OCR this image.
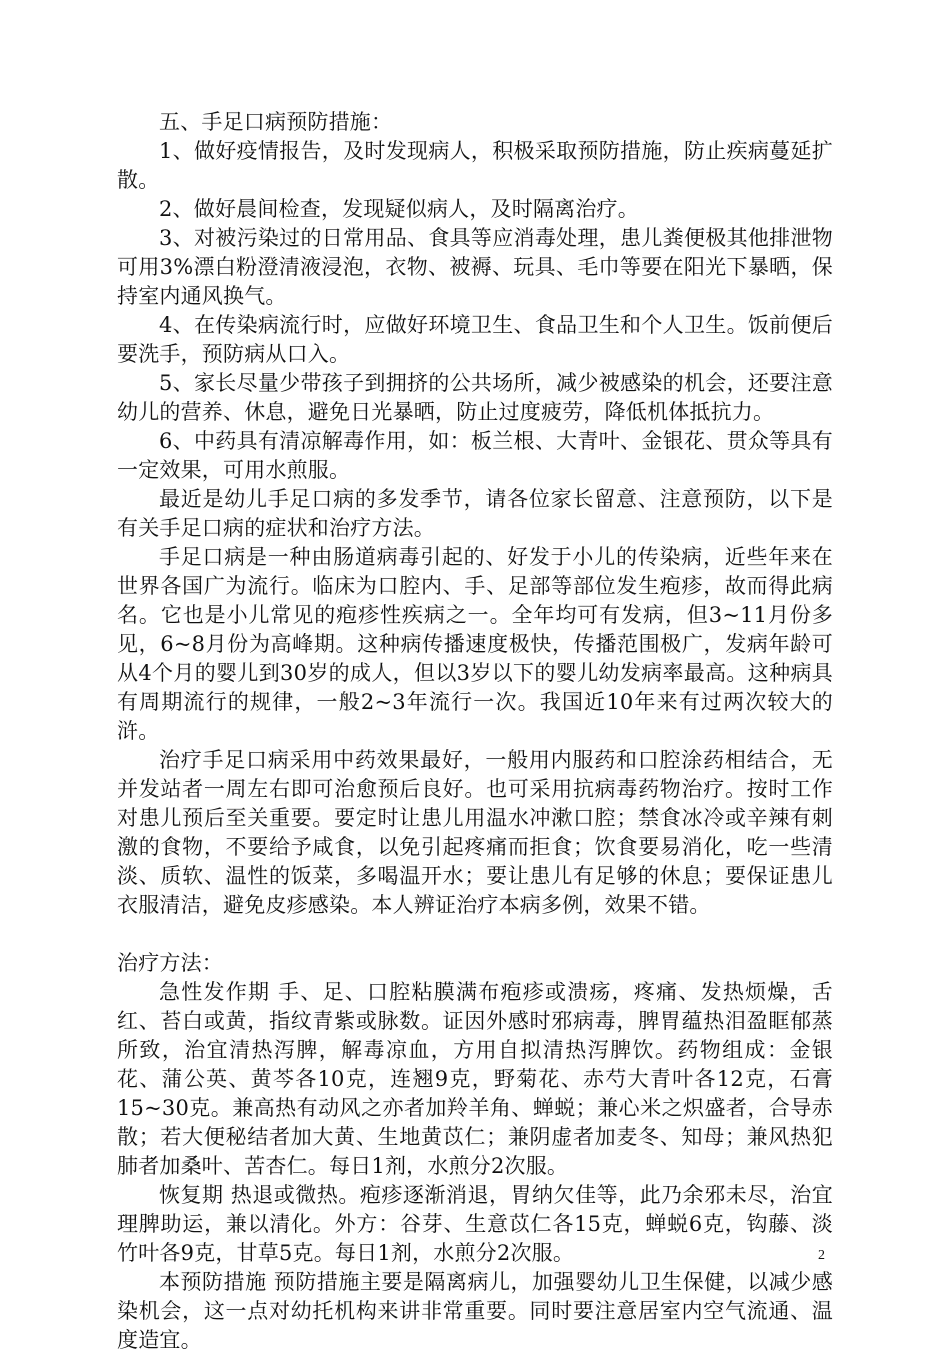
五、手足口病预防措施：

1、做好疫情报告，及时发现病人，积极采取预防措施，防止疾病蔓延扩散。

2、做好晨间检查，发现疑似病人，及时隔离治疗。

3、对被污染过的日常用品、食具等应消毒处理，患儿粪便极其他排泄物可用3%漂白粉澄清液浸泡，衣物、被褥、玩具、毛巾等要在阳光下暴晒，保持室内通风换气。

4、在传染病流行时，应做好环境卫生、食品卫生和个人卫生。饭前便后要洗手，预防病从口入。

5、家长尽量少带孩子到拥挤的公共场所，减少被感染的机会，还要注意幼儿的营养、休息，避免日光暴晒，防止过度疲劳，降低机体抵抗力。

6、中药具有清凉解毒作用，如：板兰根、大青叶、金银花、贯众等具有一定效果，可用水煎服。

最近是幼儿手足口病的多发季节，请各位家长留意、注意预防，以下是有关手足口病的症状和治疗方法。

手足口病是一种由肠道病毒引起的、好发于小儿的传染病，近些年来在世界各国广为流行。临床为口腔内、手、足部等部位发生疱疹，故而得此病名。它也是小儿常见的疱疹性疾病之一。全年均可有发病，但3~11月份多见，6~8月份为高峰期。这种病传播速度极快，传播范围极广，发病年龄可从4个月的婴儿到30岁的成人，但以3岁以下的婴儿幼发病率最高。这种病具有周期流行的规律，一般2~3年流行一次。我国近10年来有过两次较大的浒。

治疗手足口病采用中药效果最好，一般用内服药和口腔涂药相结合，无并发站者一周左右即可治愈预后良好。也可采用抗病毒药物治疗。按时工作对患儿预后至关重要。要定时让患儿用温水冲漱口腔；禁食冰冷或辛辣有刺激的食物，不要给予咸食，以免引起疼痛而拒食；饮食要易消化，吃一些清淡、质软、温性的饭菜，多喝温开水；要让患儿有足够的休息；要保证患儿衣服清洁，避免皮疹感染。本人辨证治疗本病多例，效果不错。

治疗方法：

急性发作期 手、足、口腔粘膜满布疱疹或溃疡，疼痛、发热烦燥，舌红、苔白或黄，指纹青紫或脉数。证因外感时邪病毒，脾胃蕴热泪盈眶郁蒸所致，治宜清热泻脾，解毒凉血，方用自拟清热泻脾饮。药物组成：金银花、蒲公英、黄芩各10克，连翘9克，野菊花、赤芍大青叶各12克，石膏15~30克。兼高热有动风之亦者加羚羊角、蝉蜕；兼心米之炽盛者，合导赤散；若大便秘结者加大黄、生地黄苡仁；兼阴虚者加麦冬、知母；兼风热犯肺者加桑叶、苦杏仁。每日1剂，水煎分2次服。

恢复期 热退或微热。疱疹逐渐消退，胃纳欠佳等，此乃余邪未尽，治宜理脾助运，兼以清化。外方：谷芽、生意苡仁各15克，蝉蜕6克，钩藤、淡竹叶各9克，甘草5克。每日1剂，水煎分2次服。

本预防措施 预防措施主要是隔离病儿，加强婴幼儿卫生保健，以减少感染机会，这一点对幼托机构来讲非常重要。同时要注意居室内空气流通、温度造宜。

2
